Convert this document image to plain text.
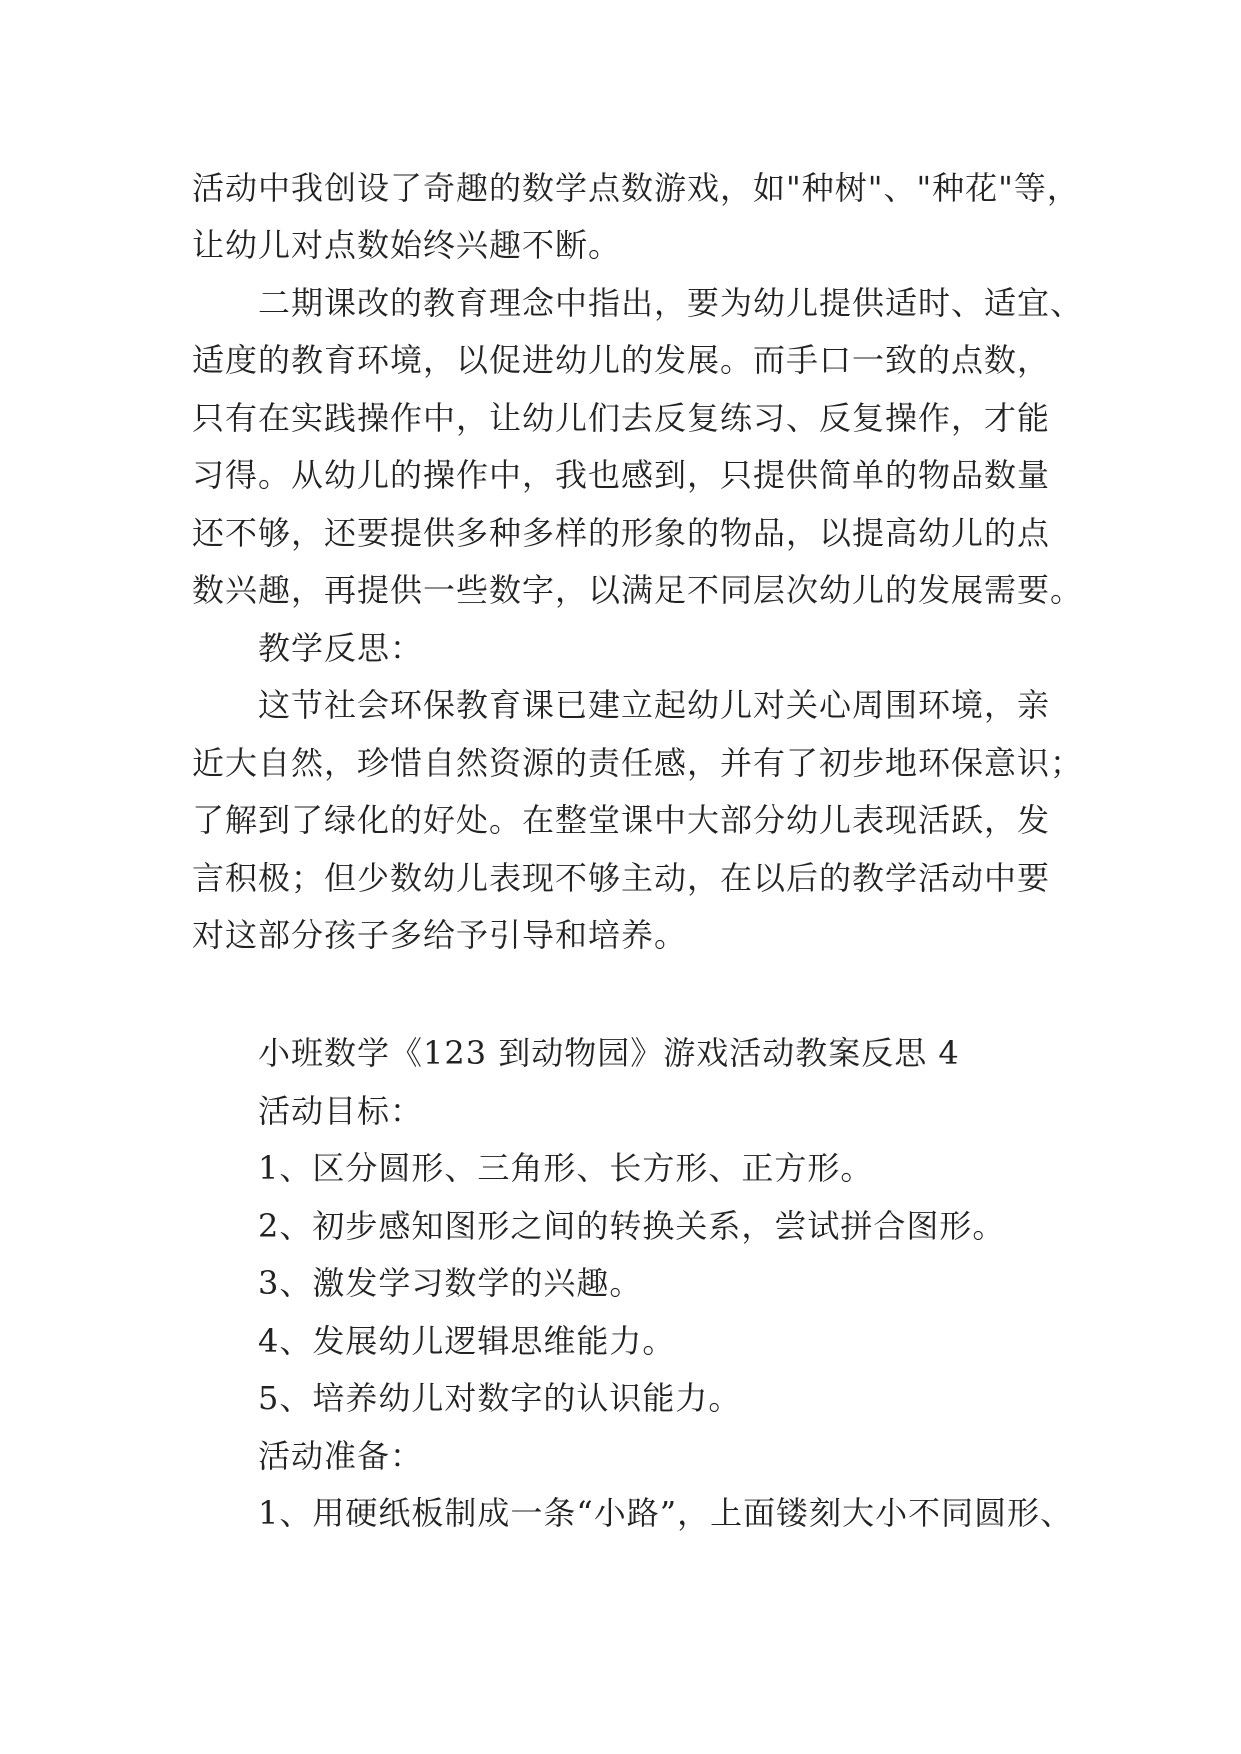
活动中我创设了奇趣的数学点数游戏，如"种树"、"种花"等，
让幼儿对点数始终兴趣不断。
二期课改的教育理念中指出，要为幼儿提供适时、适宜、
适度的教育环境，以促进幼儿的发展。而手口一致的点数，
只有在实践操作中，让幼儿们去反复练习、反复操作，才能
习得。从幼儿的操作中，我也感到，只提供简单的物品数量
还不够，还要提供多种多样的形象的物品，以提高幼儿的点
数兴趣，再提供一些数字，以满足不同层次幼儿的发展需要。
教学反思：
这节社会环保教育课已建立起幼儿对关心周围环境，亲
近大自然，珍惜自然资源的责任感，并有了初步地环保意识；
了解到了绿化的好处。在整堂课中大部分幼儿表现活跃，发
言积极；但少数幼儿表现不够主动，在以后的教学活动中要
对这部分孩子多给予引导和培养。
小班数学《123 到动物园》游戏活动教案反思 4
活动目标：
1、区分圆形、三角形、长方形、正方形。
2、初步感知图形之间的转换关系，尝试拼合图形。
3、激发学习数学的兴趣。
4、发展幼儿逻辑思维能力。
5、培养幼儿对数字的认识能力。
活动准备：
1、用硬纸板制成一条“小路”，上面镂刻大小不同圆形、
